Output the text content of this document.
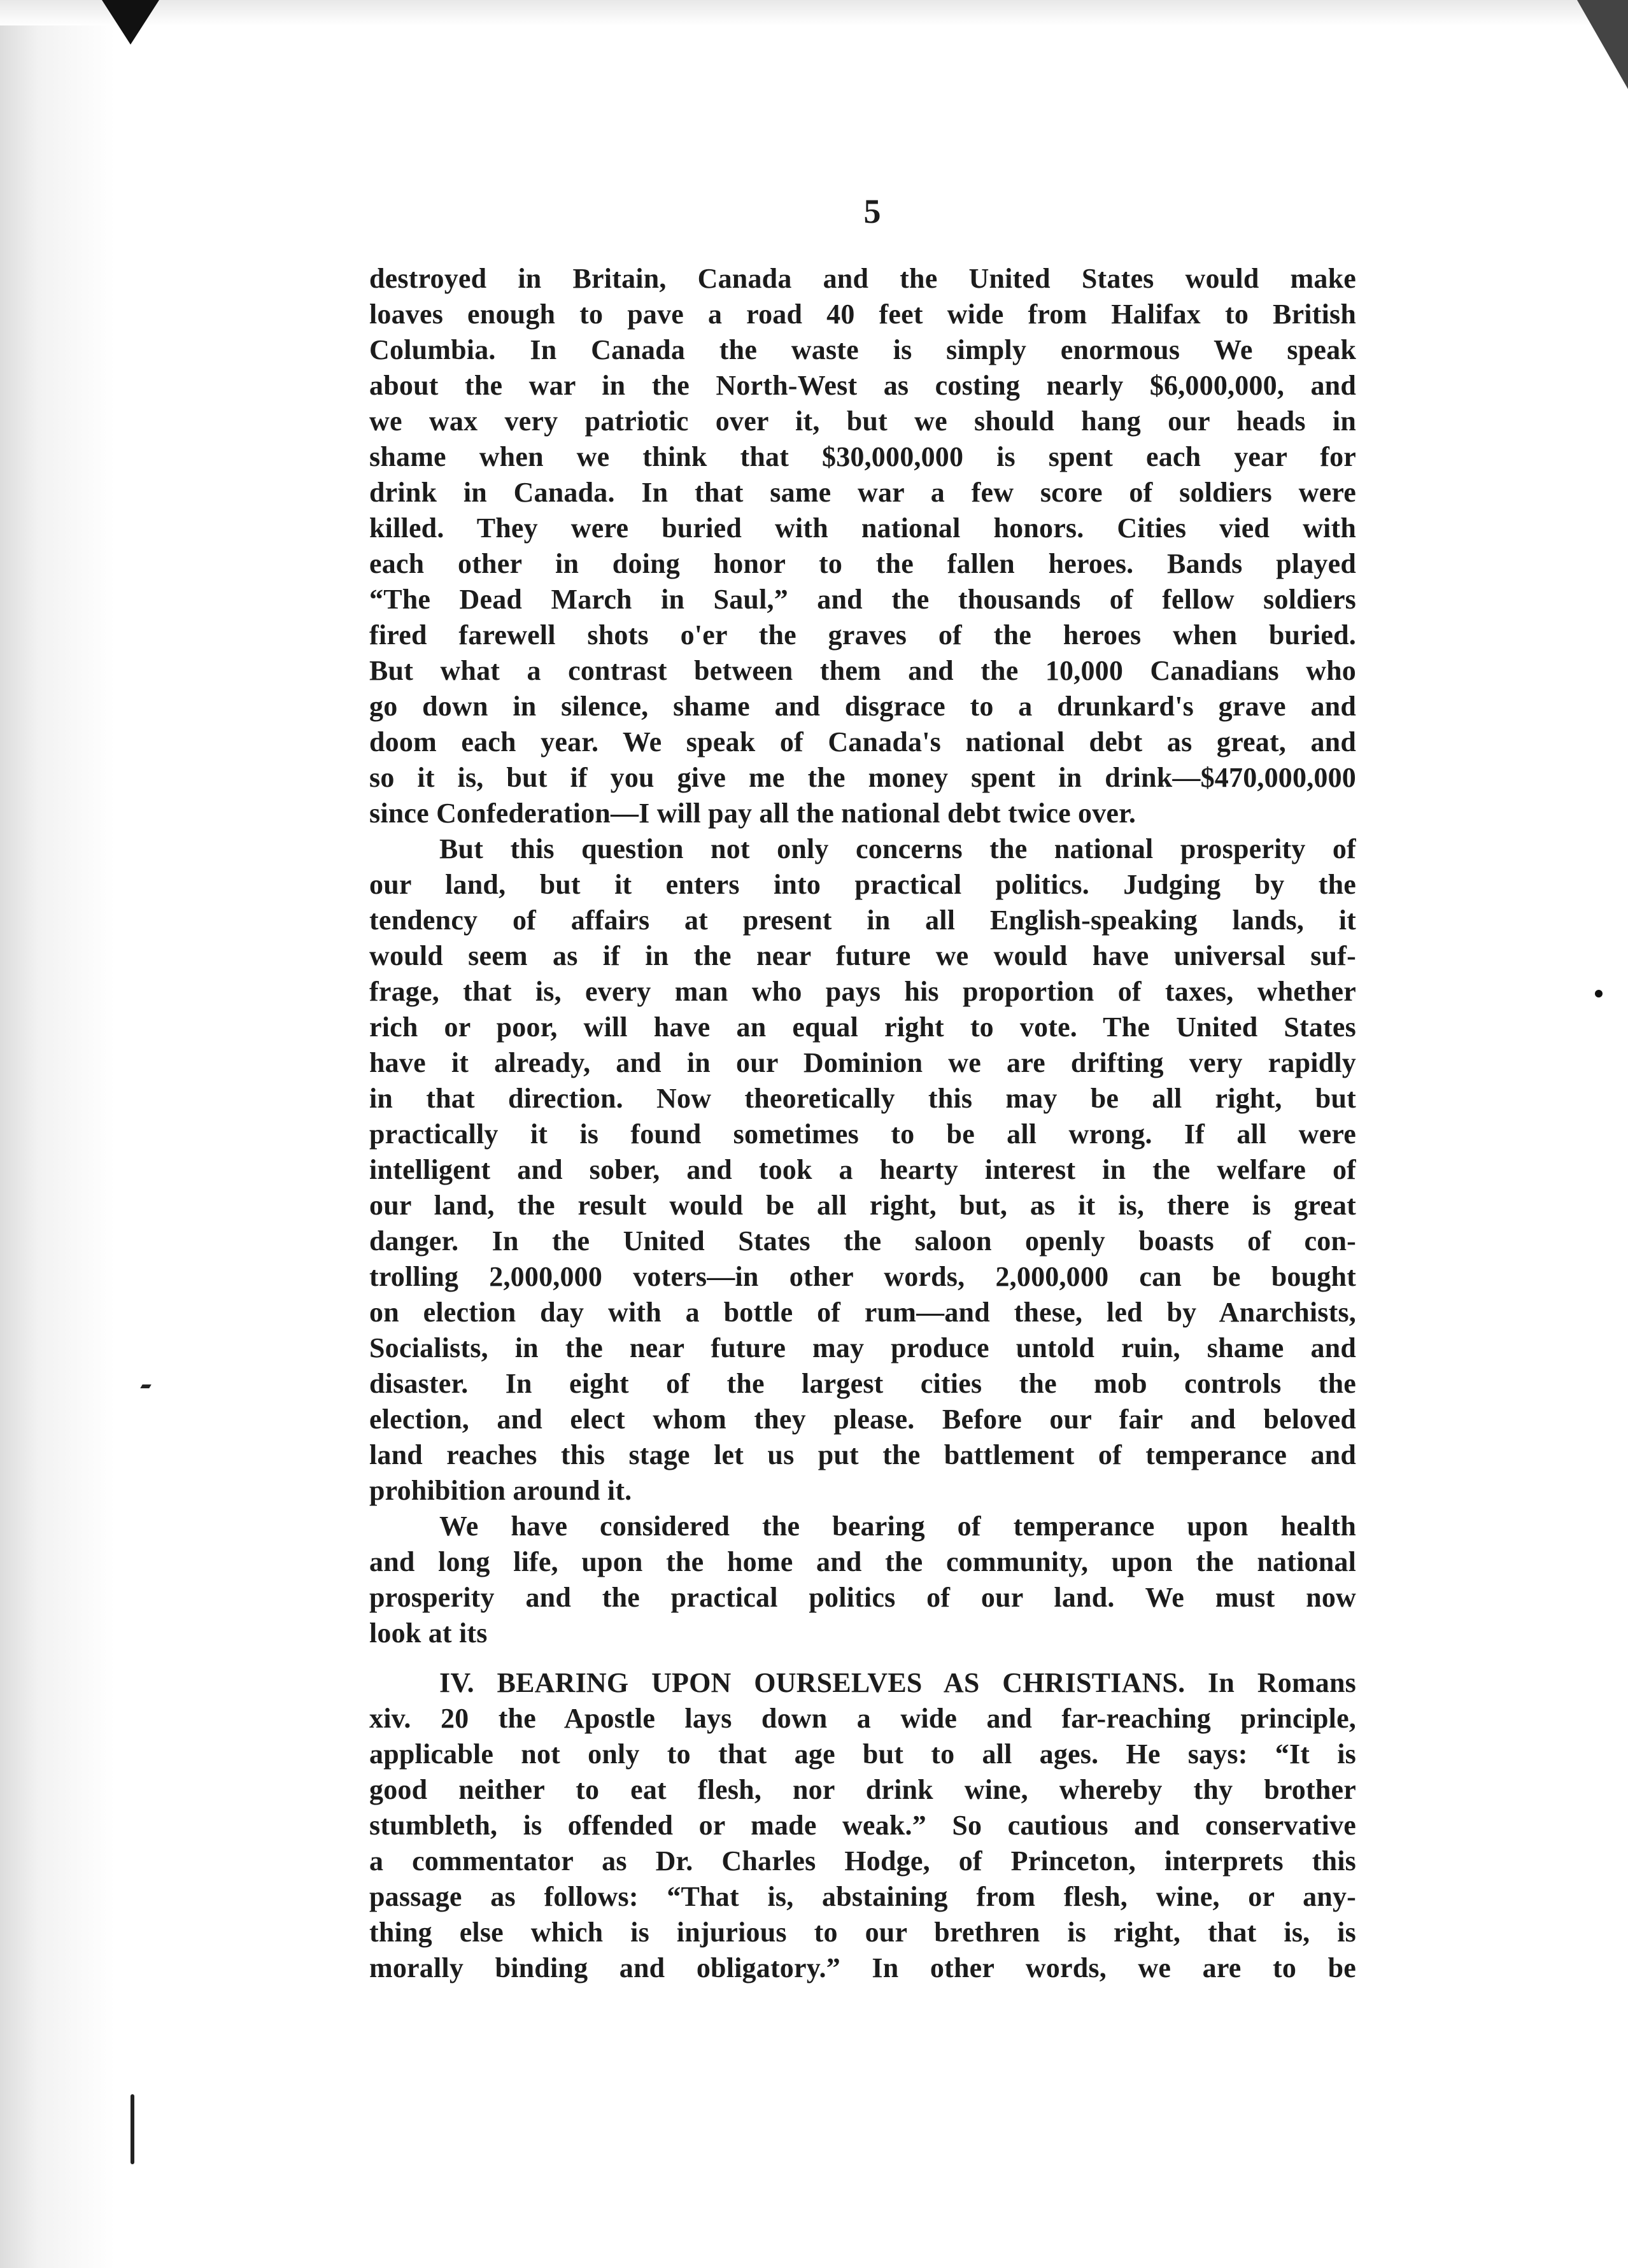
5
destroyed in Britain, Canada and the United States would make
loaves enough to pave a road 40 feet wide from Halifax to British
Columbia. In Canada the waste is simply enormous We speak
about the war in the North-West as costing nearly $6,000,000, and
we wax very patriotic over it, but we should hang our heads in
shame when we think that $30,000,000 is spent each year for
drink in Canada. In that same war a few score of soldiers were
killed. They were buried with national honors. Cities vied with
each other in doing honor to the fallen heroes. Bands played
“The Dead March in Saul,” and the thousands of fellow soldiers
fired farewell shots o'er the graves of the heroes when buried.
But what a contrast between them and the 10,000 Canadians who
go down in silence, shame and disgrace to a drunkard's grave and
doom each year. We speak of Canada's national debt as great, and
so it is, but if you give me the money spent in drink—$470,000,000
since Confederation—I will pay all the national debt twice over.
But this question not only concerns the national prosperity of
our land, but it enters into practical politics. Judging by the
tendency of affairs at present in all English-speaking lands, it
would seem as if in the near future we would have universal suf-
frage, that is, every man who pays his proportion of taxes, whether
rich or poor, will have an equal right to vote. The United States
have it already, and in our Dominion we are drifting very rapidly
in that direction. Now theoretically this may be all right, but
practically it is found sometimes to be all wrong. If all were
intelligent and sober, and took a hearty interest in the welfare of
our land, the result would be all right, but, as it is, there is great
danger. In the United States the saloon openly boasts of con-
trolling 2,000,000 voters—in other words, 2,000,000 can be bought
on election day with a bottle of rum—and these, led by Anarchists,
Socialists, in the near future may produce untold ruin, shame and
disaster. In eight of the largest cities the mob controls the
election, and elect whom they please. Before our fair and beloved
land reaches this stage let us put the battlement of temperance and
prohibition around it.
We have considered the bearing of temperance upon health
and long life, upon the home and the community, upon the national
prosperity and the practical politics of our land. We must now
look at its
IV. BEARING UPON OURSELVES AS CHRISTIANS. In Romans
xiv. 20 the Apostle lays down a wide and far-reaching principle,
applicable not only to that age but to all ages. He says: “It is
good neither to eat flesh, nor drink wine, whereby thy brother
stumbleth, is offended or made weak.” So cautious and conservative
a commentator as Dr. Charles Hodge, of Princeton, interprets this
passage as follows: “That is, abstaining from flesh, wine, or any-
thing else which is injurious to our brethren is right, that is, is
morally binding and obligatory.” In other words, we are to be
